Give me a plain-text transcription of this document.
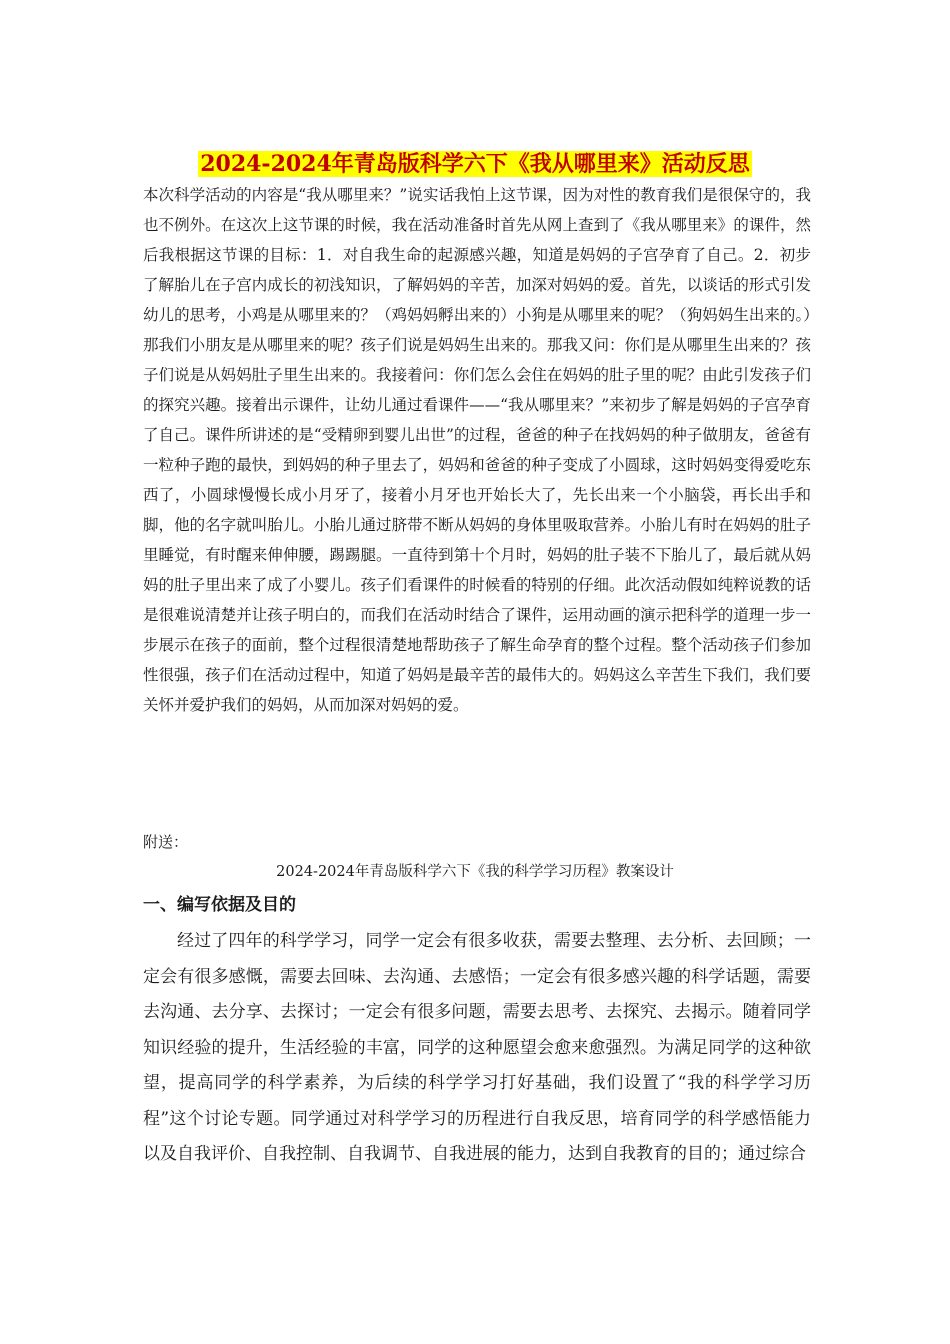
2024-2024年青岛版科学六下《我从哪里来》活动反思

本次科学活动的内容是“我从哪里来？”说实话我怕上这节课，因为对性的教育我们是很保守的，我也不例外。在这次上这节课的时候，我在活动准备时首先从网上查到了《我从哪里来》的课件，然后我根据这节课的目标：1．对自我生命的起源感兴趣，知道是妈妈的子宫孕育了自己。2．初步了解胎儿在子宫内成长的初浅知识，了解妈妈的辛苦，加深对妈妈的爱。首先，以谈话的形式引发幼儿的思考，小鸡是从哪里来的？（鸡妈妈孵出来的）小狗是从哪里来的呢？（狗妈妈生出来的。）那我们小朋友是从哪里来的呢？孩子们说是妈妈生出来的。那我又问：你们是从哪里生出来的？孩子们说是从妈妈肚子里生出来的。我接着问：你们怎么会住在妈妈的肚子里的呢？由此引发孩子们的探究兴趣。接着出示课件，让幼儿通过看课件——“我从哪里来？”来初步了解是妈妈的子宫孕育了自己。课件所讲述的是“受精卵到婴儿出世”的过程，爸爸的种子在找妈妈的种子做朋友，爸爸有一粒种子跑的最快，到妈妈的种子里去了，妈妈和爸爸的种子变成了小圆球，这时妈妈变得爱吃东西了，小圆球慢慢长成小月牙了，接着小月牙也开始长大了，先长出来一个小脑袋，再长出手和脚，他的名字就叫胎儿。小胎儿通过脐带不断从妈妈的身体里吸取营养。小胎儿有时在妈妈的肚子里睡觉，有时醒来伸伸腰，踢踢腿。一直待到第十个月时，妈妈的肚子装不下胎儿了，最后就从妈妈的肚子里出来了成了小婴儿。孩子们看课件的时候看的特别的仔细。此次活动假如纯粹说教的话是很难说清楚并让孩子明白的，而我们在活动时结合了课件，运用动画的演示把科学的道理一步一步展示在孩子的面前，整个过程很清楚地帮助孩子了解生命孕育的整个过程。整个活动孩子们参加性很强，孩子们在活动过程中，知道了妈妈是最辛苦的最伟大的。妈妈这么辛苦生下我们，我们要关怀并爱护我们的妈妈，从而加深对妈妈的爱。

附送：

2024-2024年青岛版科学六下《我的科学学习历程》教案设计

一、编写依据及目的

经过了四年的科学学习，同学一定会有很多收获，需要去整理、去分析、去回顾；一定会有很多感慨，需要去回味、去沟通、去感悟；一定会有很多感兴趣的科学话题，需要去沟通、去分享、去探讨；一定会有很多问题，需要去思考、去探究、去揭示。随着同学知识经验的提升，生活经验的丰富，同学的这种愿望会愈来愈强烈。为满足同学的这种欲望，提高同学的科学素养，为后续的科学学习打好基础，我们设置了“我的科学学习历程”这个讨论专题。同学通过对科学学习的历程进行自我反思，培育同学的科学感悟能力以及自我评价、自我控制、自我调节、自我进展的能力，达到自我教育的目的；通过综合
